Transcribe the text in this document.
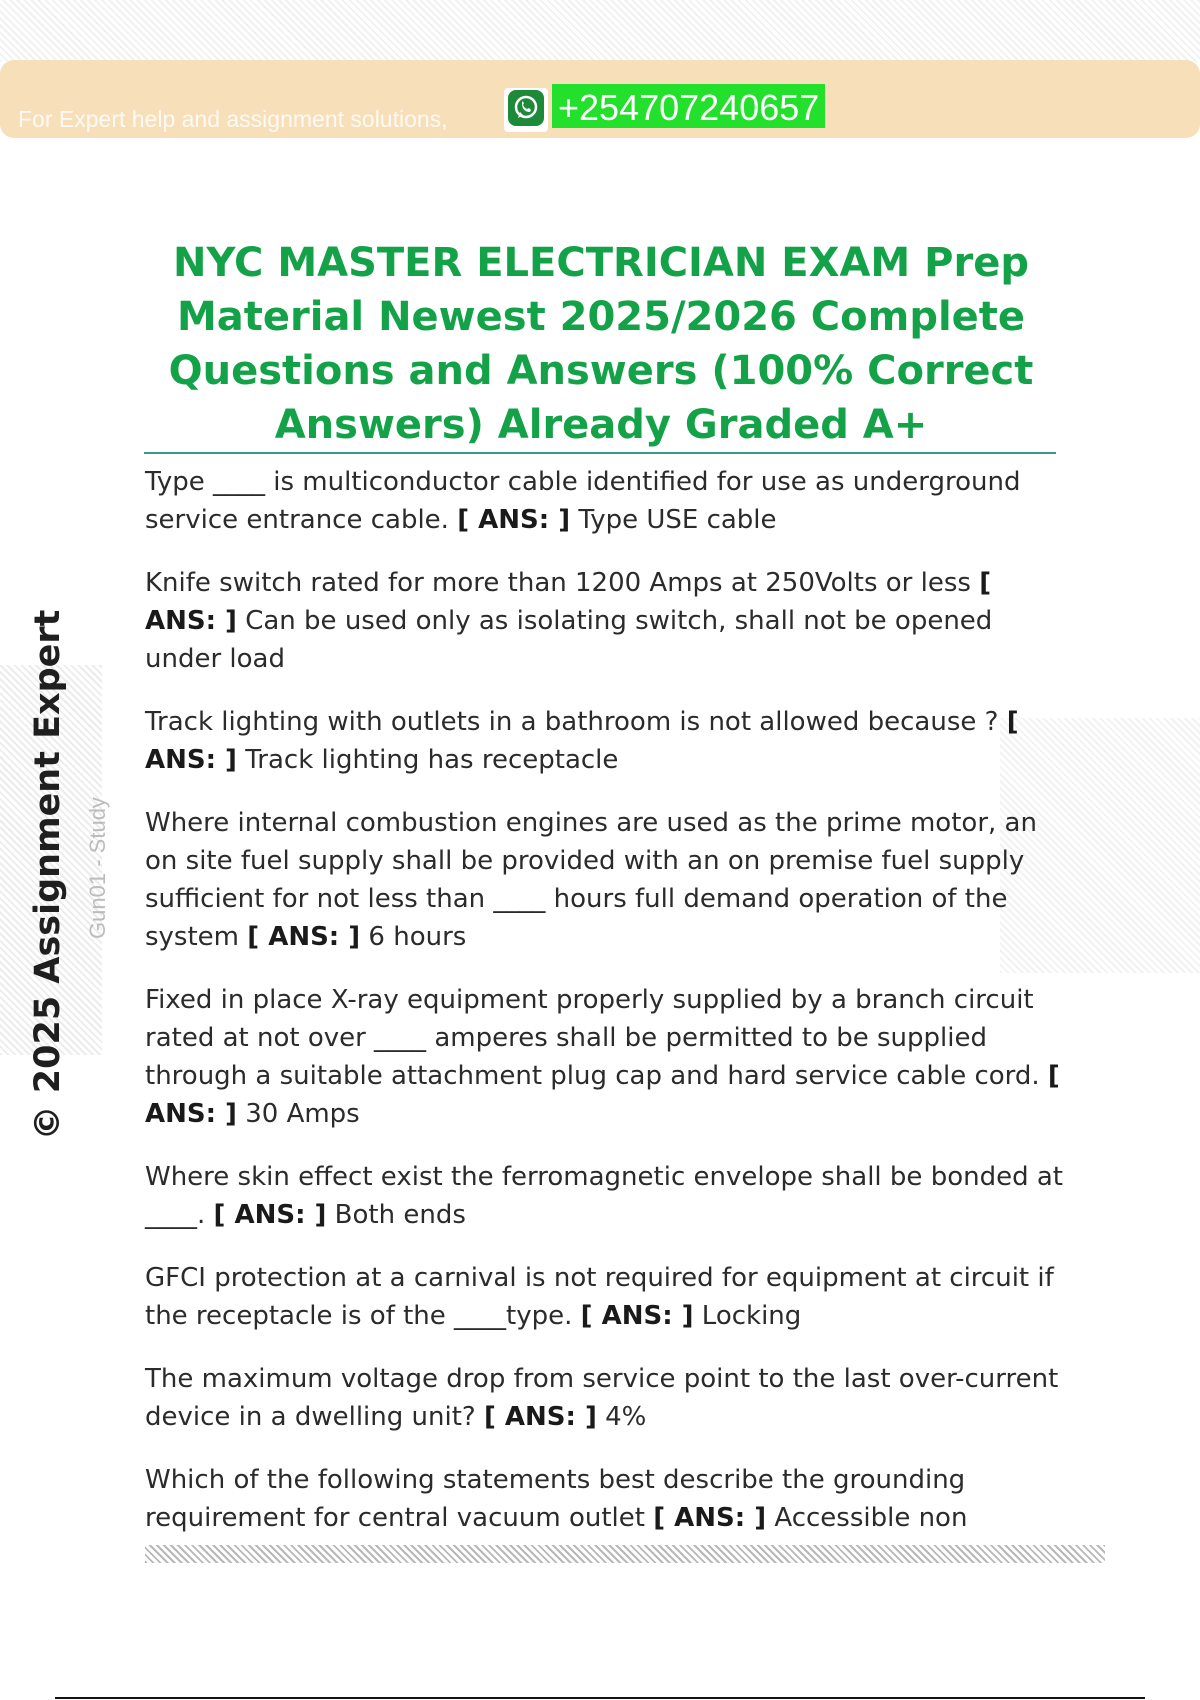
For Expert help and assignment solutions,	+254707240657
© 2025 Assignment Expert Gun01 - Study
NYC MASTER ELECTRICIAN EXAM Prep Material Newest 2025/2026 Complete Questions and Answers (100% Correct Answers) Already Graded A+

Type ____ is multiconductor cable identified for use as underground service entrance cable. [ ANS: ] Type USE cable

Knife switch rated for more than 1200 Amps at 250Volts or less [ ANS: ] Can be used only as isolating switch, shall not be opened under load

Track lighting with outlets in a bathroom is not allowed because ? [ ANS: ] Track lighting has receptacle

Where internal combustion engines are used as the prime motor, an on site fuel supply shall be provided with an on premise fuel supply sufficient for not less than ____ hours full demand operation of the system [ ANS: ] 6 hours

Fixed in place X-ray equipment properly supplied by a branch circuit rated at not over ____ amperes shall be permitted to be supplied through a suitable attachment plug cap and hard service cable cord. [ ANS: ] 30 Amps

Where skin effect exist the ferromagnetic envelope shall be bonded at ____. [ ANS: ] Both ends

GFCI protection at a carnival is not required for equipment at circuit if the receptacle is of the ____type. [ ANS: ] Locking

The maximum voltage drop from service point to the last over-current device in a dwelling unit? [ ANS: ] 4%

Which of the following statements best describe the grounding requirement for central vacuum outlet [ ANS: ] Accessible non
